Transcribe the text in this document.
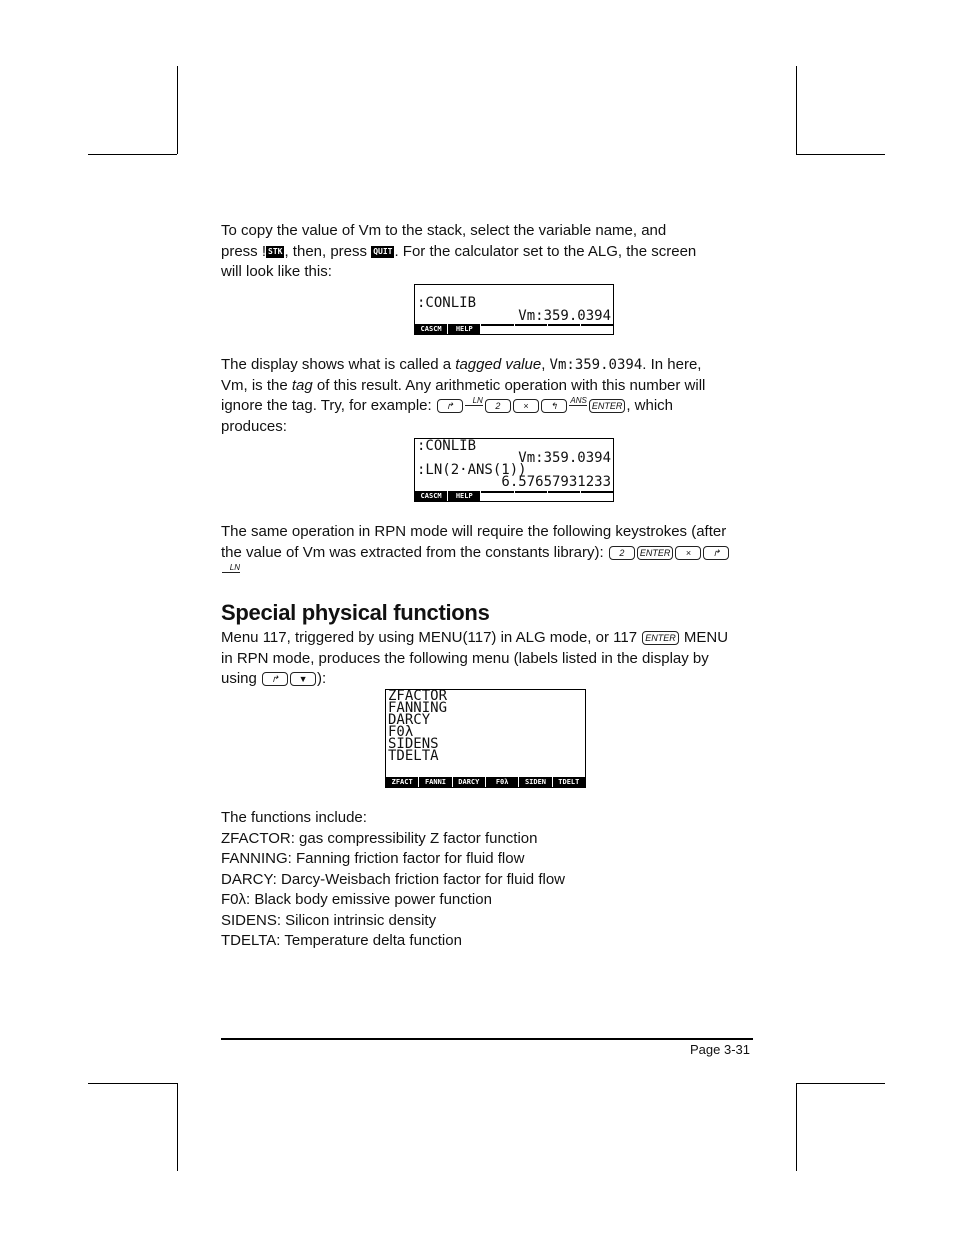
To copy the value of Vm to the stack, select the variable name, and
press ! STK , then, press QUIT . For the calculator set to the ALG, the screen
will look like this:
:CONLIB
Vm:359.0394
CASCM	HELP
The display shows what is called a tagged value, Vm:359.0394. In here,
Vm, is the tag of this result. Any arithmetic operation with this number will
ignore the tag. Try, for example: ↱LN2	× ↰ANSENTER , which
produces:
:CONLIB
Vm:359.0394
:LN(2·ANS(1))
6.57657931233
CASCM	HELP
The same operation in RPN mode will require the following keystrokes (after
the value of Vm was extracted from the constants library): 2 ENTER × ↱
LN
Special physical functions
Menu 117, triggered by using MENU(117) in ALG mode, or 117 ENTER MENU
in RPN mode, produces the following menu (labels listed in the display by
using ↱ ▼ ):
ZFACTOR
FANNING
DARCY
F0λ
SIDENS
TDELTA
ZFACT	FANNI	DARCY	F0λ	SIDEN	TDELT
The functions include:
ZFACTOR: gas compressibility Z factor function
FANNING: Fanning friction factor for fluid flow
DARCY: Darcy-Weisbach friction factor for fluid flow
F0λ: Black body emissive power function
SIDENS: Silicon intrinsic density
TDELTA: Temperature delta function
Page 3-31
